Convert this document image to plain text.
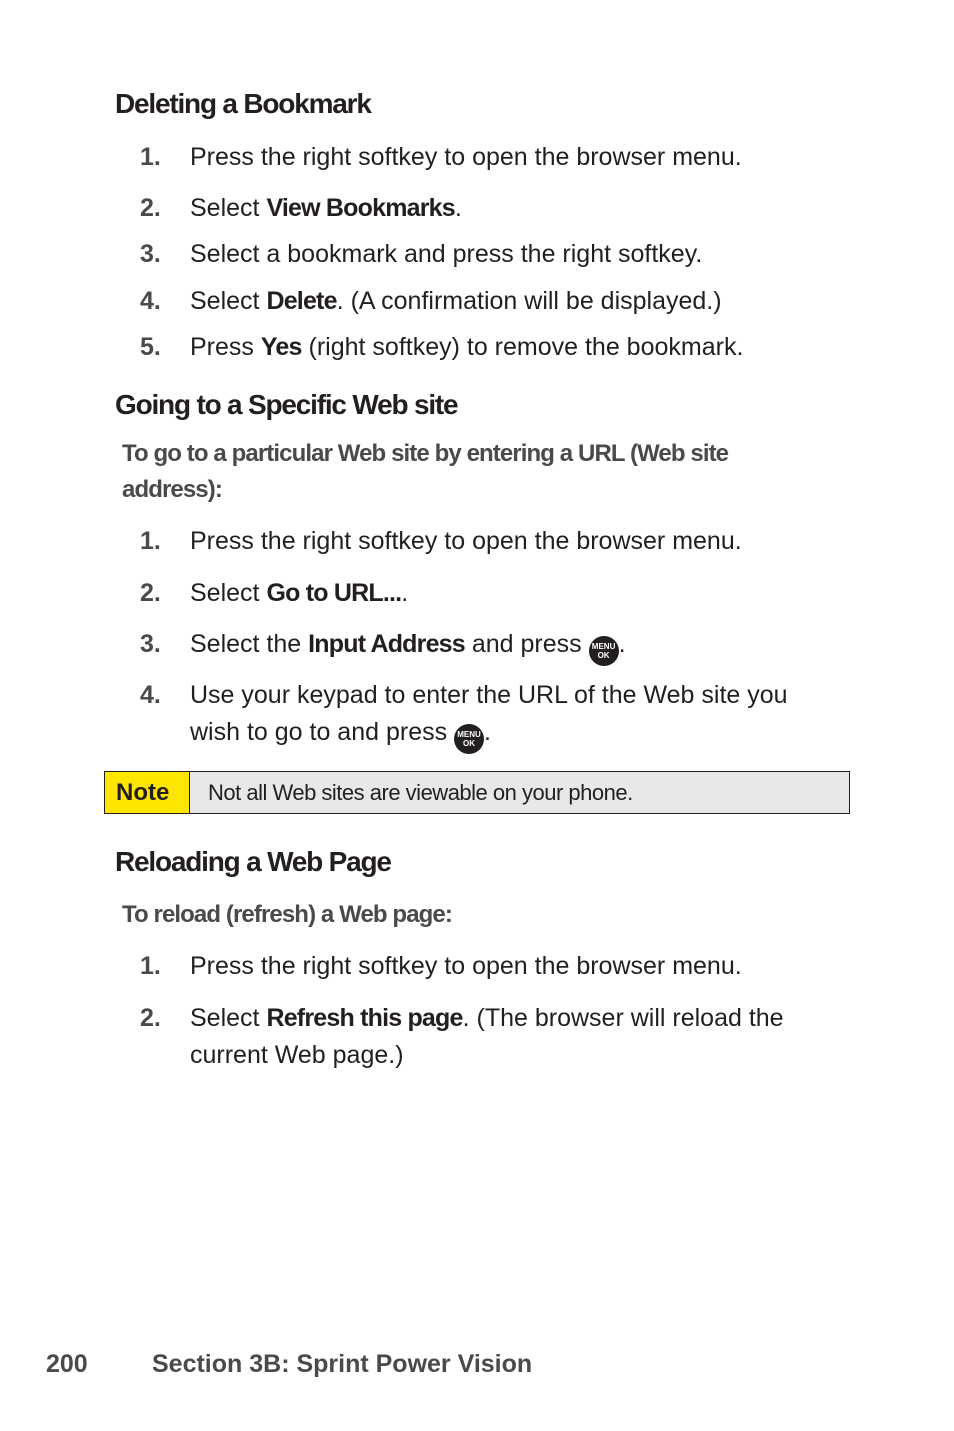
Deleting a Bookmark
1.	Press the right softkey to open the browser menu.
2.	Select View Bookmarks.
3.	Select a bookmark and press the right softkey.
4.	Select Delete. (A confirmation will be displayed.)
5.	Press Yes (right softkey) to remove the bookmark.
Going to a Specific Web site

To go to a particular Web site by entering a URL (Web site address):

1.	Press the right softkey to open the browser menu.
2.	Select Go to URL....
3.	Select the Input Address and press MENU
OK .
4.	Use your keypad to enter the URL of the Web site you wish to go to and press MENU
OK .
Note	Not all Web sites are viewable on your phone.
Reloading a Web Page

To reload (refresh) a Web page:

1.	Press the right softkey to open the browser menu.
2.	Select Refresh this page. (The browser will reload the current Web page.)
200	Section 3B: Sprint Power Vision
